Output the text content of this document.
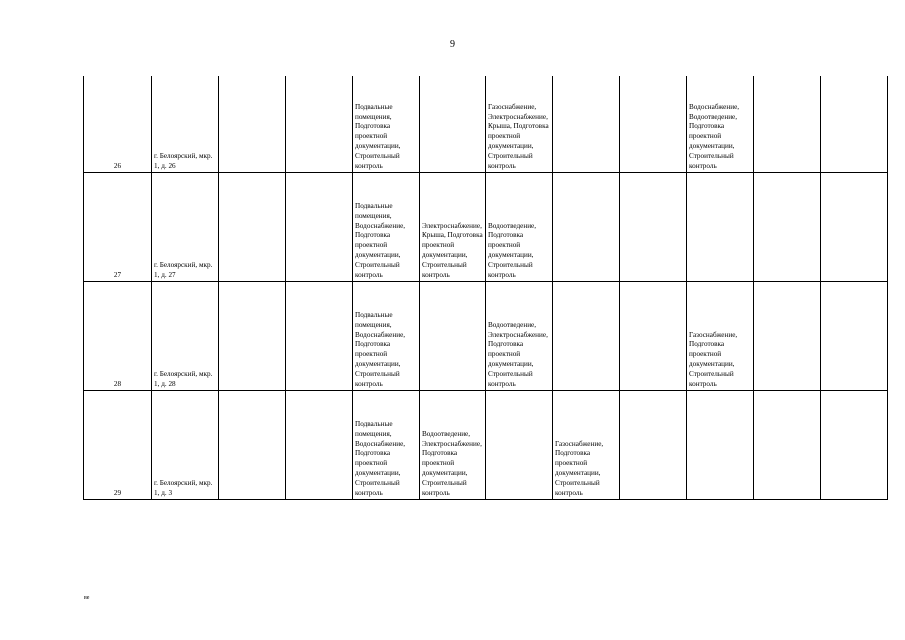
9
26	г. Белоярский, мкр. 1, д. 26			Подвальные помещения, Подготовка проектной документации, Строительный контроль		Газоснабжение, Электроснабжение, Крыша, Подготовка проектной документации, Строительный контроль			Водоснабжение, Водоотведение, Подготовка проектной документации, Строительный контроль		
27	г. Белоярский, мкр. 1, д. 27			Подвальные помещения, Водоснабжение, Подготовка проектной документации, Строительный контроль	Электроснабжение, Крыша, Подготовка проектной документации, Строительный контроль	Водоотведение, Подготовка проектной документации, Строительный контроль					
28	г. Белоярский, мкр. 1, д. 28			Подвальные помещения, Водоснабжение, Подготовка проектной документации, Строительный контроль		Водоотведение, Электроснабжение, Подготовка проектной документации, Строительный контроль			Газоснабжение, Подготовка проектной документации, Строительный контроль		
29	г. Белоярский, мкр. 1, д. 3			Подвальные помещения, Водоснабжение, Подготовка проектной документации, Строительный контроль	Водоотведение, Электроснабжение, Подготовка проектной документации, Строительный контроль		Газоснабжение, Подготовка проектной документации, Строительный контроль				
ве
